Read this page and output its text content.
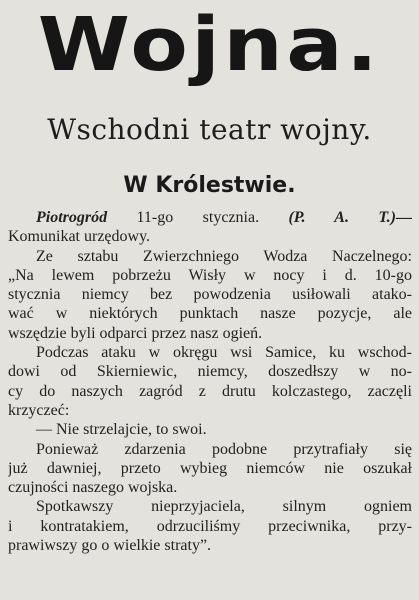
Wojna.
Wschodni teatr wojny.
W Królestwie.
Piotrogród 11-go stycznia. (P. A. T.)—
Komunikat urzędowy.
Ze sztabu Zwierzchniego Wodza Naczelnego:
„Na lewem pobrzeżu Wisły w nocy i d. 10-go
stycznia niemcy bez powodzenia usiłowali atako-
wać w niektórych punktach nasze pozycje, ale
wszędzie byli odparci przez nasz ogień.
Podczas ataku w okręgu wsi Samice, ku wschod-
dowi od Skierniewic, niemcy, doszedłszy w no-
cy do naszych zagród z drutu kolczastego, zaczęli
krzyczeć:
— Nie strzelajcie, to swoi.
Ponieważ zdarzenia podobne przytrafiały się
już dawniej, przeto wybieg niemców nie oszukał
czujności naszego wojska.
Spotkawszy nieprzyjaciela, silnym ogniem
i kontratakiem, odrzuciliśmy przeciwnika, przy-
prawiwszy go o wielkie straty”.
